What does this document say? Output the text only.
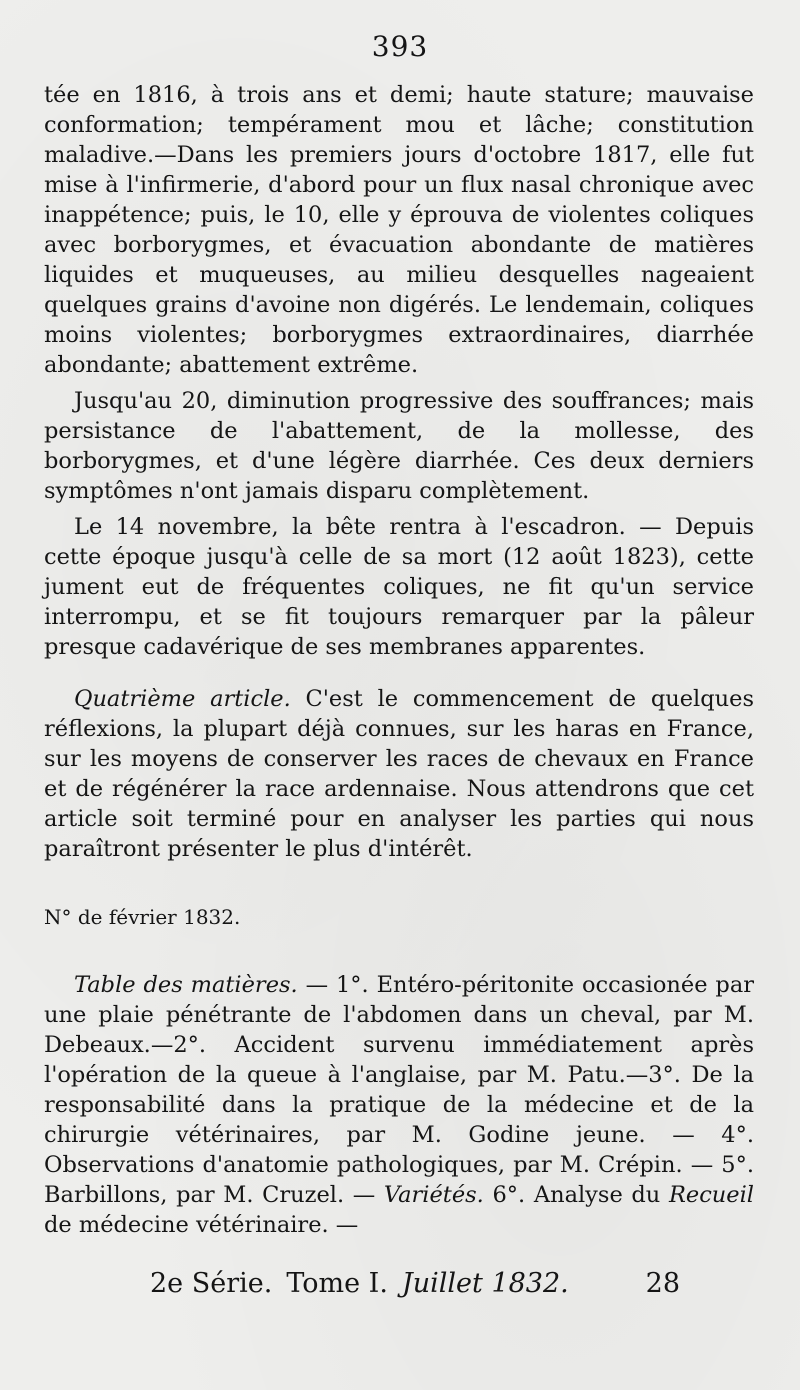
393

tée en 1816, à trois ans et demi; haute stature; mauvaise conformation; tempérament mou et lâche; constitution maladive.—Dans les premiers jours d'octobre 1817, elle fut mise à l'infirmerie, d'abord pour un flux nasal chronique avec inappétence; puis, le 10, elle y éprouva de violentes coliques avec borborygmes, et évacuation abondante de matières liquides et muqueuses, au milieu desquelles nageaient quelques grains d'avoine non digérés. Le lendemain, coliques moins violentes; borborygmes extraordinaires, diarrhée abondante; abattement extrême.

Jusqu'au 20, diminution progressive des souffrances; mais persistance de l'abattement, de la mollesse, des borborygmes, et d'une légère diarrhée. Ces deux derniers symptômes n'ont jamais disparu complètement.

Le 14 novembre, la bête rentra à l'escadron. — Depuis cette époque jusqu'à celle de sa mort (12 août 1823), cette jument eut de fréquentes coliques, ne fit qu'un service interrompu, et se fit toujours remarquer par la pâleur presque cadavérique de ses membranes apparentes.

Quatrième article. C'est le commencement de quelques réflexions, la plupart déjà connues, sur les haras en France, sur les moyens de conserver les races de chevaux en France et de régénérer la race ardennaise. Nous attendrons que cet article soit terminé pour en analyser les parties qui nous paraîtront présenter le plus d'intérêt.

N° de février 1832.

Table des matières. — 1°. Entéro-péritonite occasionée par une plaie pénétrante de l'abdomen dans un cheval, par M. Debeaux.—2°. Accident survenu immédiatement après l'opération de la queue à l'anglaise, par M. Patu.—3°. De la responsabilité dans la pratique de la médecine et de la chirurgie vétérinaires, par M. Godine jeune. — 4°. Observations d'anatomie pathologiques, par M. Crépin. — 5°. Barbillons, par M. Cruzel. — Variétés. 6°. Analyse du Recueil de médecine vétérinaire. —

2e Série. Tome I. Juillet 1832.	28
